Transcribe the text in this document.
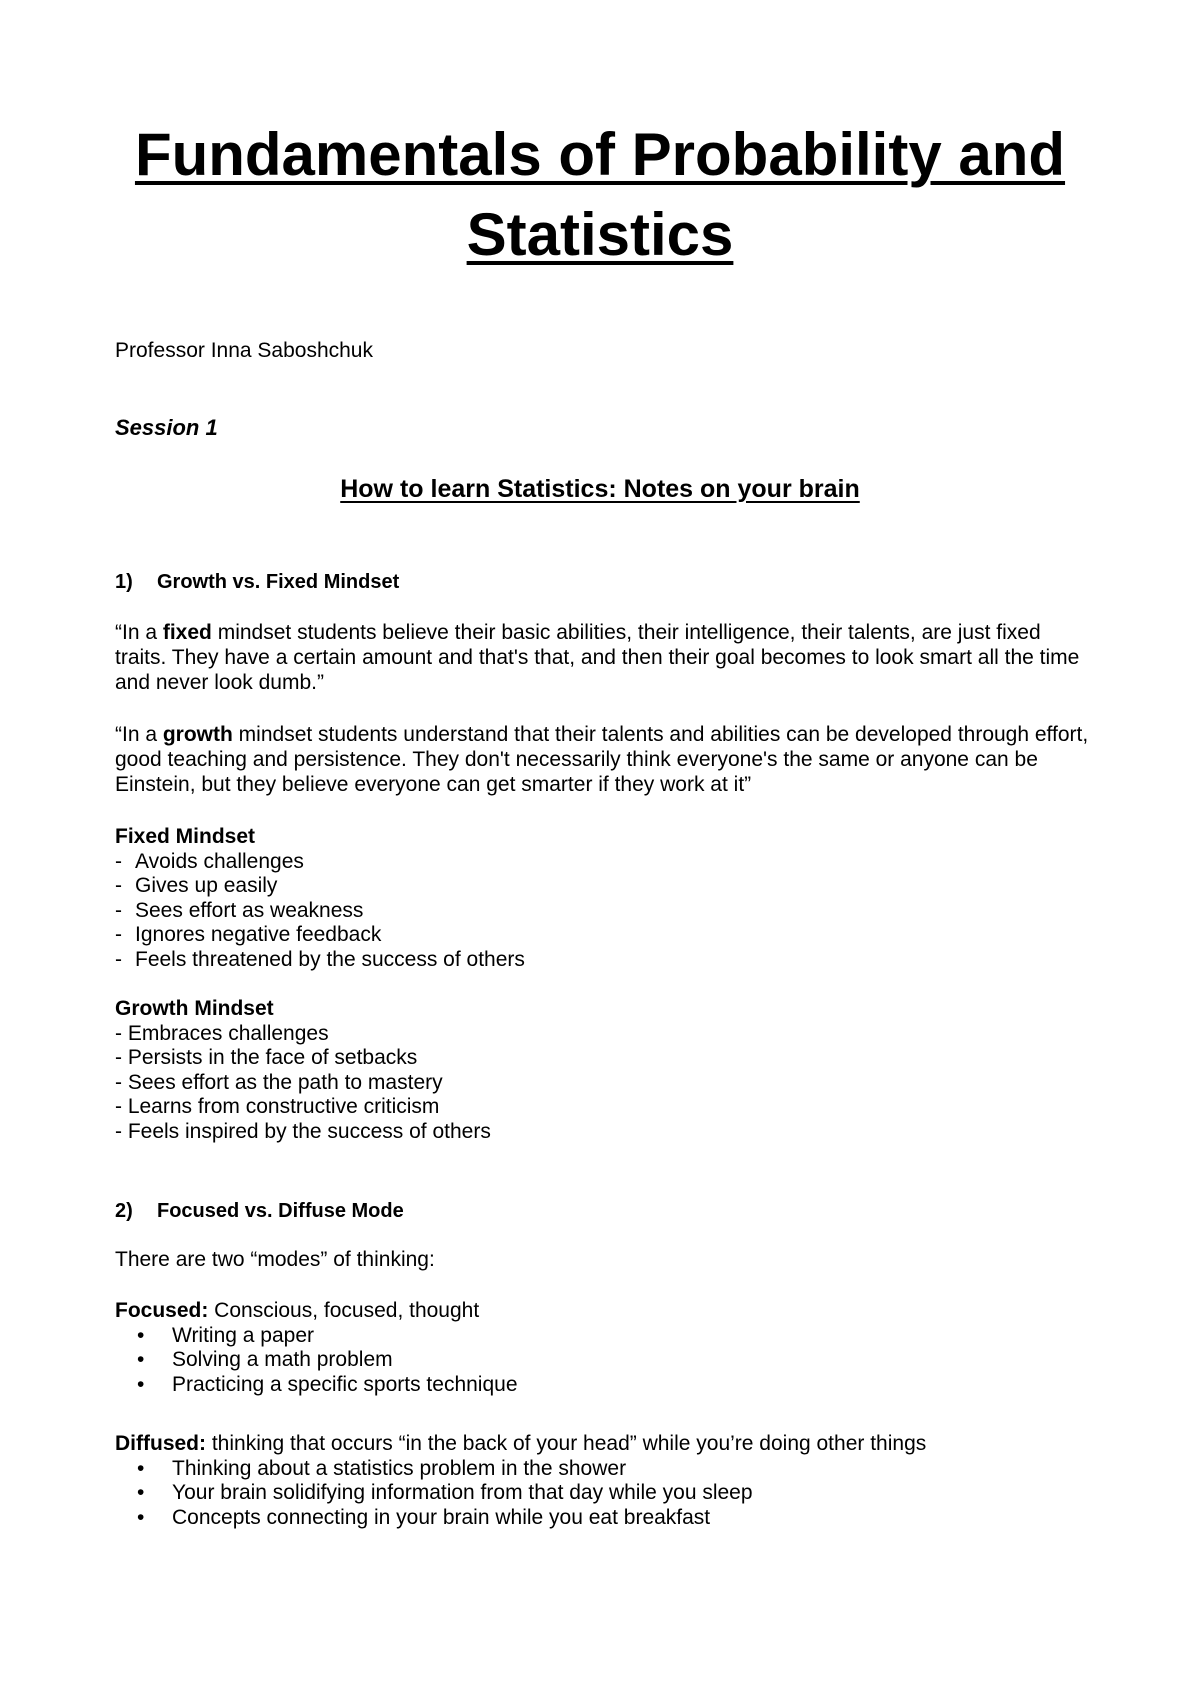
Fundamentals of Probability and
Statistics
Professor Inna Saboshchuk
Session 1
How to learn Statistics: Notes on your brain
1) Growth vs. Fixed Mindset
“In a fixed mindset students believe their basic abilities, their intelligence, their talents, are just fixed traits. They have a certain amount and that's that, and then their goal becomes to look smart all the time and never look dumb.”
“In a growth mindset students understand that their talents and abilities can be developed through effort, good teaching and persistence. They don't necessarily think everyone's the same or anyone can be Einstein, but they believe everyone can get smarter if they work at it”
Fixed Mindset
- Avoids challenges
- Gives up easily
- Sees effort as weakness
- Ignores negative feedback
- Feels threatened by the success of others
Growth Mindset
- Embraces challenges
- Persists in the face of setbacks
- Sees effort as the path to mastery
- Learns from constructive criticism
- Feels inspired by the success of others
2) Focused vs. Diffuse Mode
There are two “modes” of thinking:
Focused: Conscious, focused, thought
• Writing a paper
• Solving a math problem
• Practicing a specific sports technique
Diffused: thinking that occurs “in the back of your head” while you’re doing other things
• Thinking about a statistics problem in the shower
• Your brain solidifying information from that day while you sleep
• Concepts connecting in your brain while you eat breakfast
